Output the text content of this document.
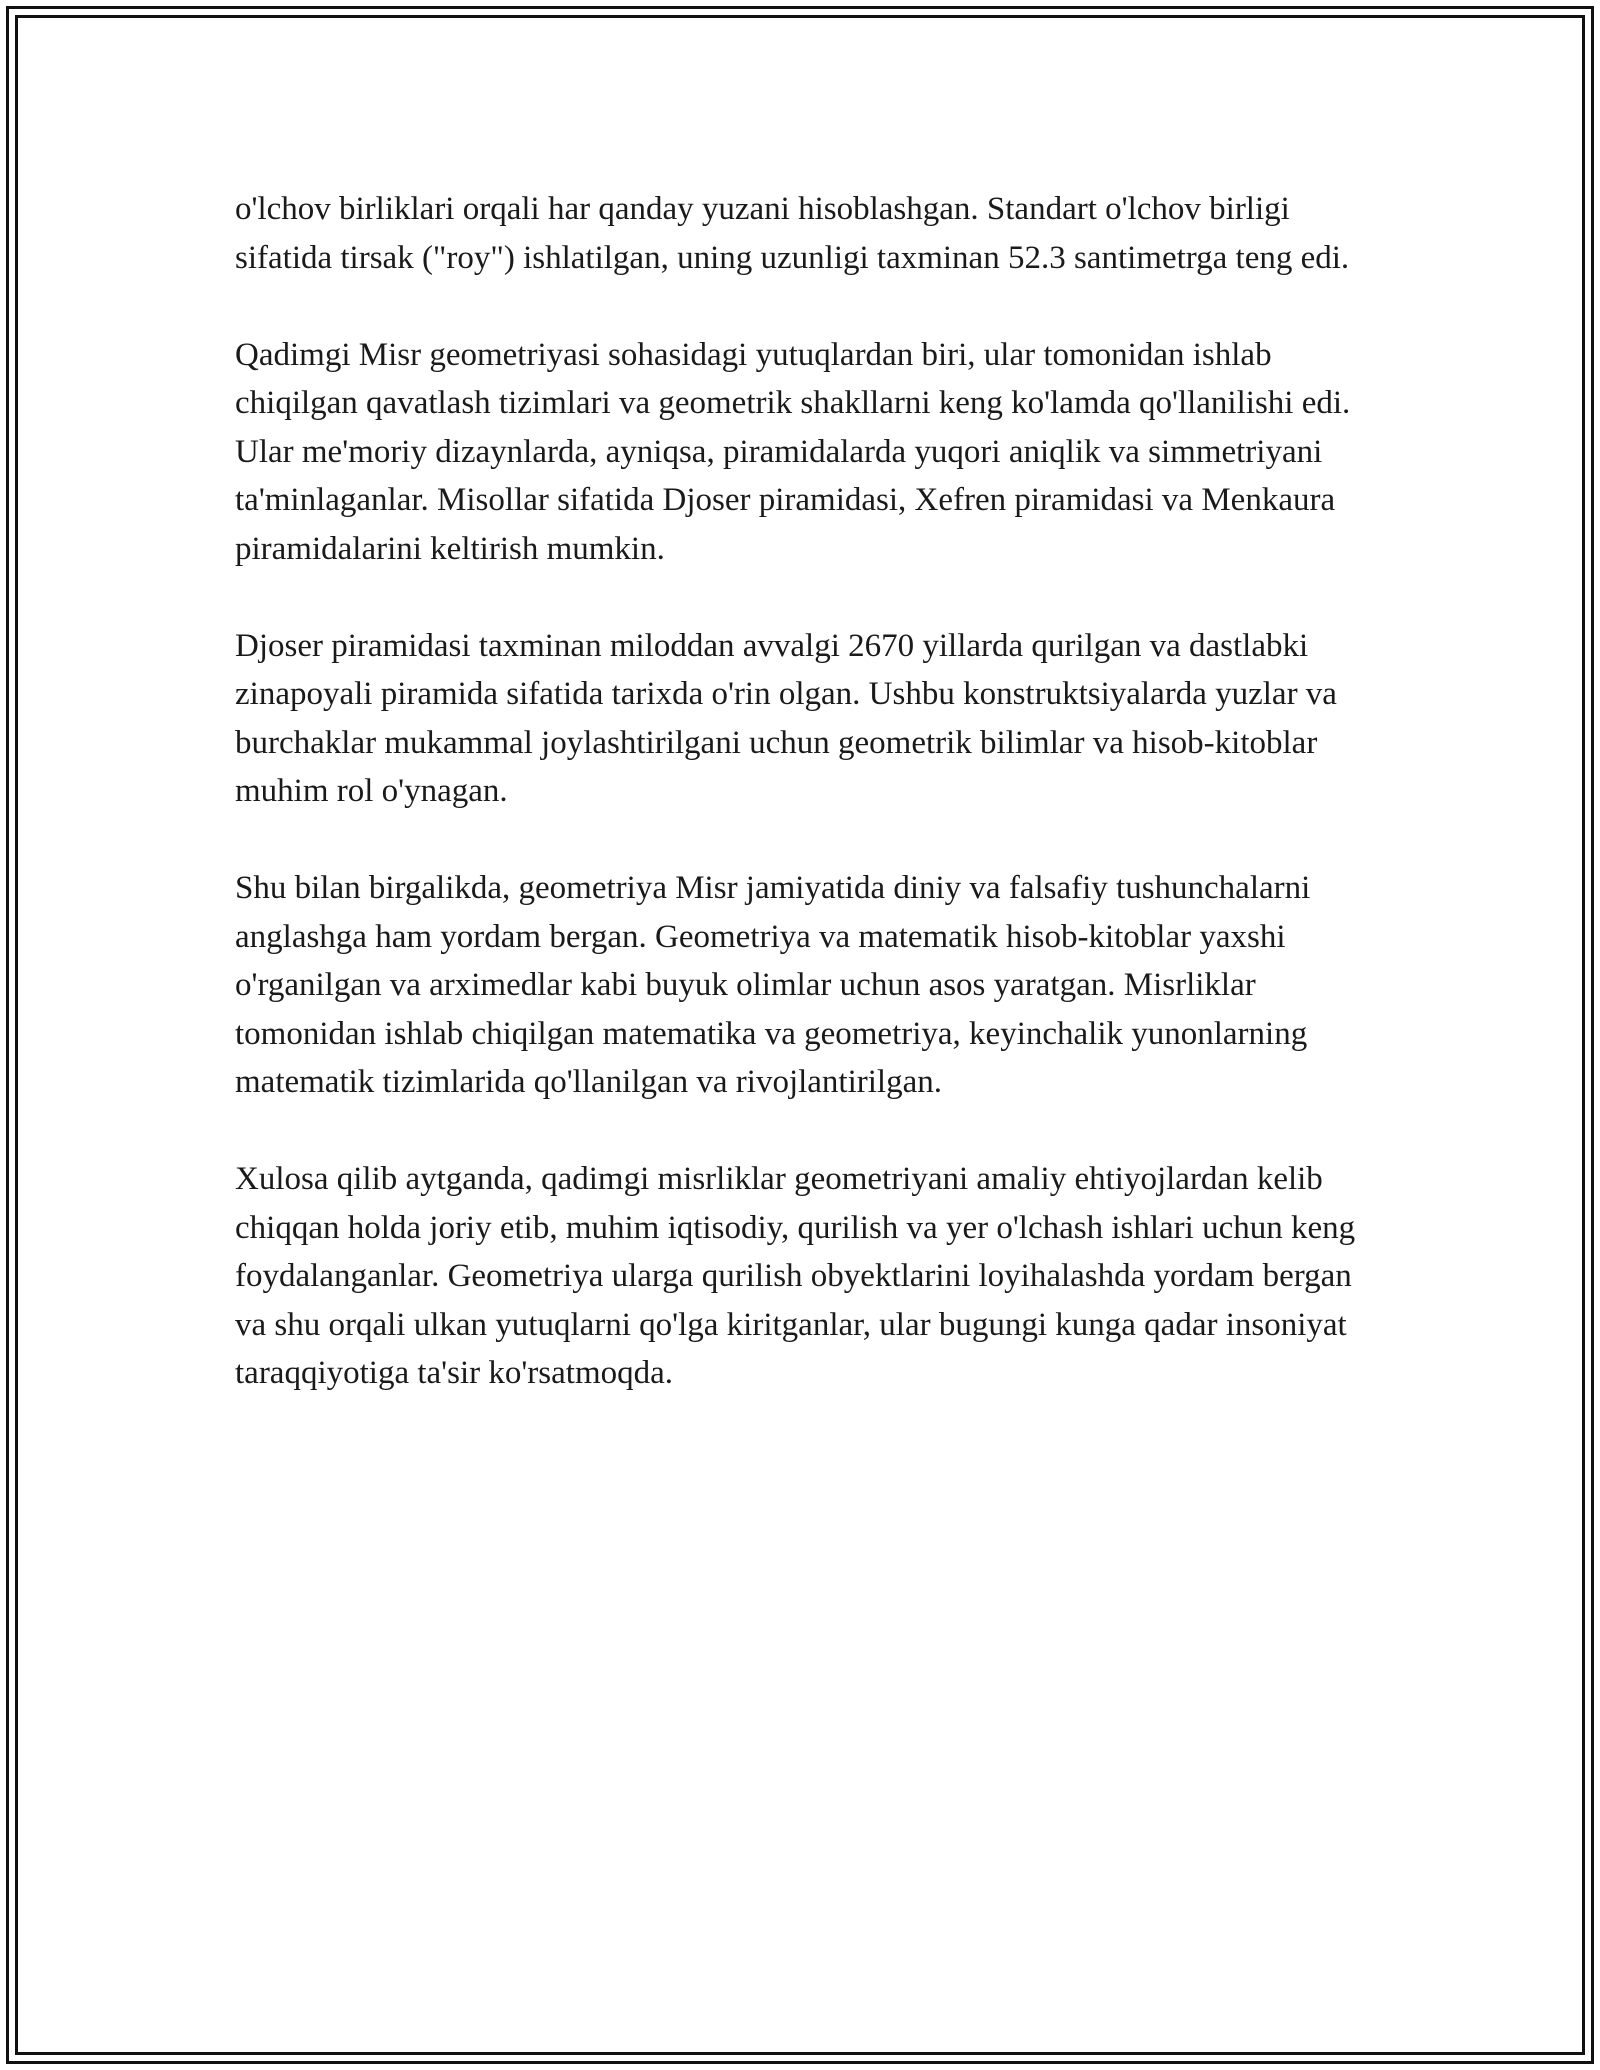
o'lchov birliklari orqali har qanday yuzani hisoblashgan. Standart o'lchov birligi sifatida tirsak ("roy") ishlatilgan, uning uzunligi taxminan 52.3 santimetrga teng edi.

Qadimgi Misr geometriyasi sohasidagi yutuqlardan biri, ular tomonidan ishlab chiqilgan qavatlash tizimlari va geometrik shakllarni keng ko'lamda qo'llanilishi edi. Ular me'moriy dizaynlarda, ayniqsa, piramidalarda yuqori aniqlik va simmetriyani ta'minlaganlar. Misollar sifatida Djoser piramidasi, Xefren piramidasi va Menkaura piramidalarini keltirish mumkin.

Djoser piramidasi taxminan miloddan avvalgi 2670 yillarda qurilgan va dastlabki zinapoyali piramida sifatida tarixda o'rin olgan. Ushbu konstruktsiyalarda yuzlar va burchaklar mukammal joylashtirilgani uchun geometrik bilimlar va hisob-kitoblar muhim rol o'ynagan.

Shu bilan birgalikda, geometriya Misr jamiyatida diniy va falsafiy tushunchalarni anglashga ham yordam bergan. Geometriya va matematik hisob-kitoblar yaxshi o'rganilgan va arximedlar kabi buyuk olimlar uchun asos yaratgan. Misrliklar tomonidan ishlab chiqilgan matematika va geometriya, keyinchalik yunonlarning matematik tizimlarida qo'llanilgan va rivojlantirilgan.

Xulosa qilib aytganda, qadimgi misrliklar geometriyani amaliy ehtiyojlardan kelib chiqqan holda joriy etib, muhim iqtisodiy, qurilish va yer o'lchash ishlari uchun keng foydalanganlar. Geometriya ularga qurilish obyektlarini loyihalashda yordam bergan va shu orqali ulkan yutuqlarni qo'lga kiritganlar, ular bugungi kunga qadar insoniyat taraqqiyotiga ta'sir ko'rsatmoqda.
